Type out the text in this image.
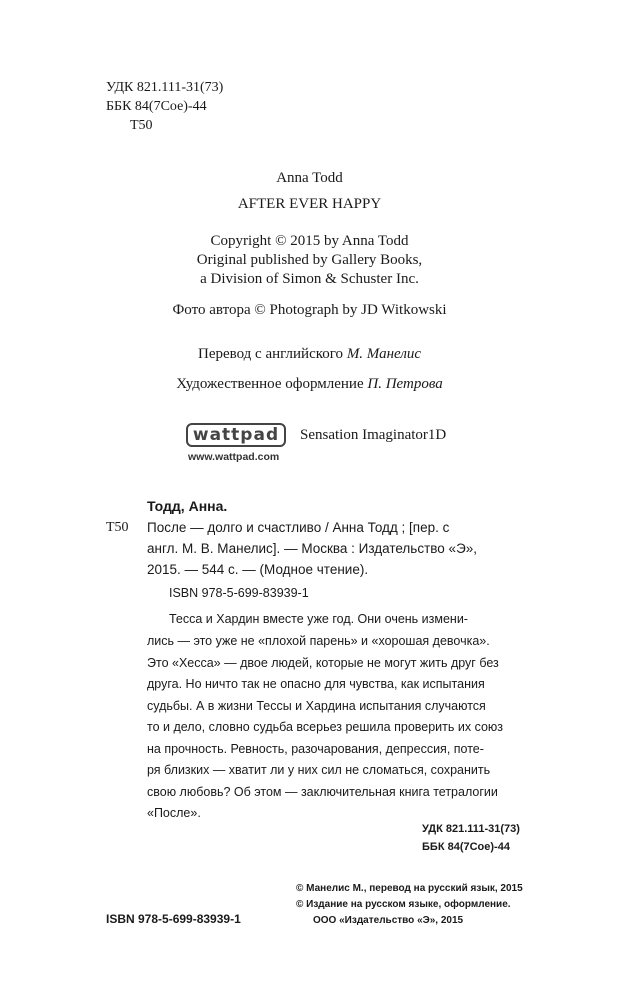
УДК 821.111-31(73)
ББК 84(7Сое)-44
Т50
Anna Todd
AFTER EVER HAPPY
Copyright © 2015 by Anna Todd
Original published by Gallery Books,
a Division of Simon & Schuster Inc.
Фото автора © Photograph by JD Witkowski
Перевод с английского М. Манелис
Художественное оформление П. Петрова
wattpad	Sensation Imaginator1D
www.wattpad.com
Тодд, Анна.
Т50 После — долго и счастливо / Анна Тодд ; [пер. с
англ. М. В. Манелис]. — Москва : Издательство «Э»,
2015. — 544 с. — (Модное чтение).
ISBN 978-5-699-83939-1
Тесса и Хардин вместе уже год. Они очень измени-
лись — это уже не «плохой парень» и «хорошая девочка».
Это «Хесса» — двое людей, которые не могут жить друг без
друга. Но ничто так не опасно для чувства, как испытания
судьбы. А в жизни Тессы и Хардина испытания случаются
то и дело, словно судьба всерьез решила проверить их союз
на прочность. Ревность, разочарования, депрессия, поте-
ря близких — хватит ли у них сил не сломаться, сохранить
свою любовь? Об этом — заключительная книга тетралогии
«После».
УДК 821.111-31(73)
ББК 84(7Сое)-44
© Манелис М., перевод на русский язык, 2015
© Издание на русском языке, оформление.
ISBN 978-5-699-83939-1	ООО «Издательство «Э», 2015
